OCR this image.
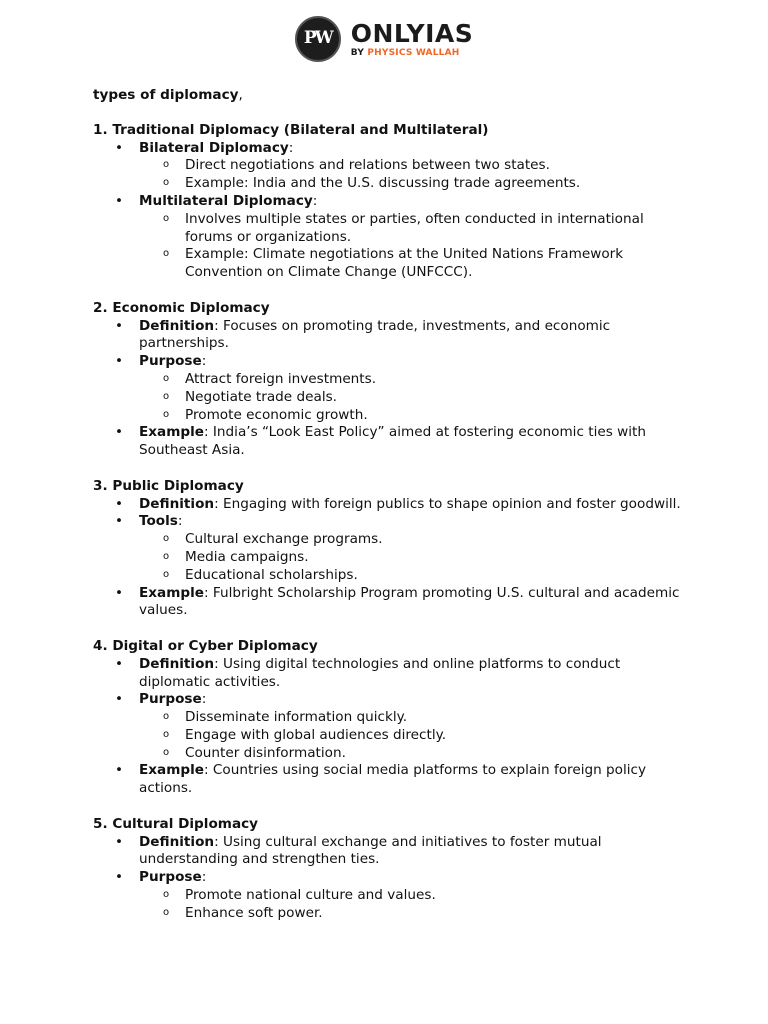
PW ONLYIAS
BY PHYSICS WALLAH

types of diplomacy,

1. Traditional Diplomacy (Bilateral and Multilateral)

• Bilateral Diplomacy:
o Direct negotiations and relations between two states.
o Example: India and the U.S. discussing trade agreements.
• Multilateral Diplomacy:
o Involves multiple states or parties, often conducted in international forums or organizations.
o Example: Climate negotiations at the United Nations Framework Convention on Climate Change (UNFCCC).

2. Economic Diplomacy

• Definition: Focuses on promoting trade, investments, and economic partnerships.
• Purpose:
o Attract foreign investments.
o Negotiate trade deals.
o Promote economic growth.
• Example: India’s “Look East Policy” aimed at fostering economic ties with Southeast Asia.

3. Public Diplomacy

• Definition: Engaging with foreign publics to shape opinion and foster goodwill.
• Tools:
o Cultural exchange programs.
o Media campaigns.
o Educational scholarships.
• Example: Fulbright Scholarship Program promoting U.S. cultural and academic values.

4. Digital or Cyber Diplomacy

• Definition: Using digital technologies and online platforms to conduct diplomatic activities.
• Purpose:
o Disseminate information quickly.
o Engage with global audiences directly.
o Counter disinformation.
• Example: Countries using social media platforms to explain foreign policy actions.

5. Cultural Diplomacy

• Definition: Using cultural exchange and initiatives to foster mutual understanding and strengthen ties.
• Purpose:
o Promote national culture and values.
o Enhance soft power.
